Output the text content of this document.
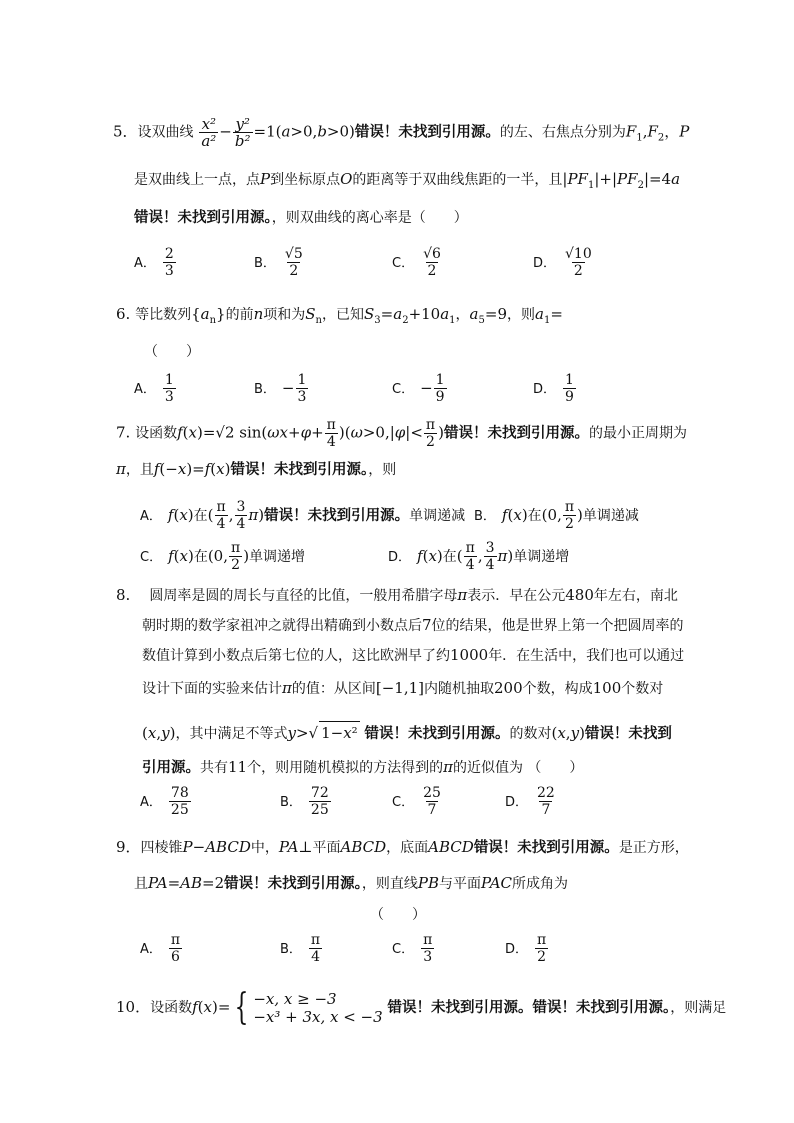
5．设双曲线 $\frac{\text{x²}}{\text{a²}} - \frac{\text{y²}}{\text{b²}} =1(a>0,b>0)$错误！未找到引用源。的左、右焦点分别为$F_1,F_2$，P
是双曲线上一点，点P到坐标原点O的距离等于双曲线焦距的一半，且$|PF_1|+|PF_2|=4a$
错误！未找到引用源。，则双曲线的离心率是（　　）
A． $\frac{2}{3}$	B． $\frac{√5}{2}$	C． $\frac{√6}{2}$	D． $\frac{√10}{2}$
6. 等比数列$\{a_n\}$的前n项和为$S_n$，已知$S_3=a_2+10a_1$，$a_5=9$，则$a_1=$
（　　）
A． $\frac{1}{3}$	B． − $\frac{1}{3}$	C． − $\frac{1}{9}$	D． $\frac{1}{9}$
7. 设函数f(x)=√2 $\sin(\omega x+\varphi+ \frac{\pi}{4} )(\omega>0,|\varphi|< \frac{\pi}{2}$ )错误！未找到引用源。的最小正周期为
π，且f(−x)=f(x)错误！未找到引用源。，则
A． f(x)在( $\frac{\pi}{4}$ , $\frac{3}{4} \pi$)错误！未找到引用源。单调递减 B． f(x)在(0, $\frac{\pi}{2}$ )单调递减
C． f(x)在(0, $\frac{\pi}{2}$ )单调递增	D． f(x)在( $\frac{\pi}{4}$ , $\frac{3}{4} \pi$)单调递增
8. 圆周率是圆的周长与直径的比值，一般用希腊字母π表示．早在公元480年左右，南北
朝时期的数学家祖冲之就得出精确到小数点后7位的结果，他是世界上第一个把圆周率的
数值计算到小数点后第七位的人，这比欧洲早了约1000年．在生活中，我们也可以通过
设计下面的实验来估计π的值：从区间[−1,1]内随机抽取200个数，构成100个数对
(x,y)，其中满足不等式y>√ 1−x² 错误！未找到引用源。的数对(x,y)错误！未找到
引用源。共有11个，则用随机模拟的方法得到的π的近似值为 （　　）
A． $\frac{78}{25}$	B． $\frac{72}{25}$	C． $\frac{25}{7}$	D． $\frac{22}{7}$
9．四棱锥P−ABCD中，PA⊥平面ABCD，底面ABCD错误！未找到引用源。是正方形，
且PA=AB=2错误！未找到引用源。，则直线PB与平面PAC所成角为
（　　）
A． $\frac{\pi}{6}$	B． $\frac{\pi}{4}$	C． $\frac{\pi}{3}$	D． $\frac{\pi}{2}$
10．设函数f(x)= { −x, x ≥ −3
−x³ + 3x, x < −3 错误！未找到引用源。错误！未找到引用源。，则满足
